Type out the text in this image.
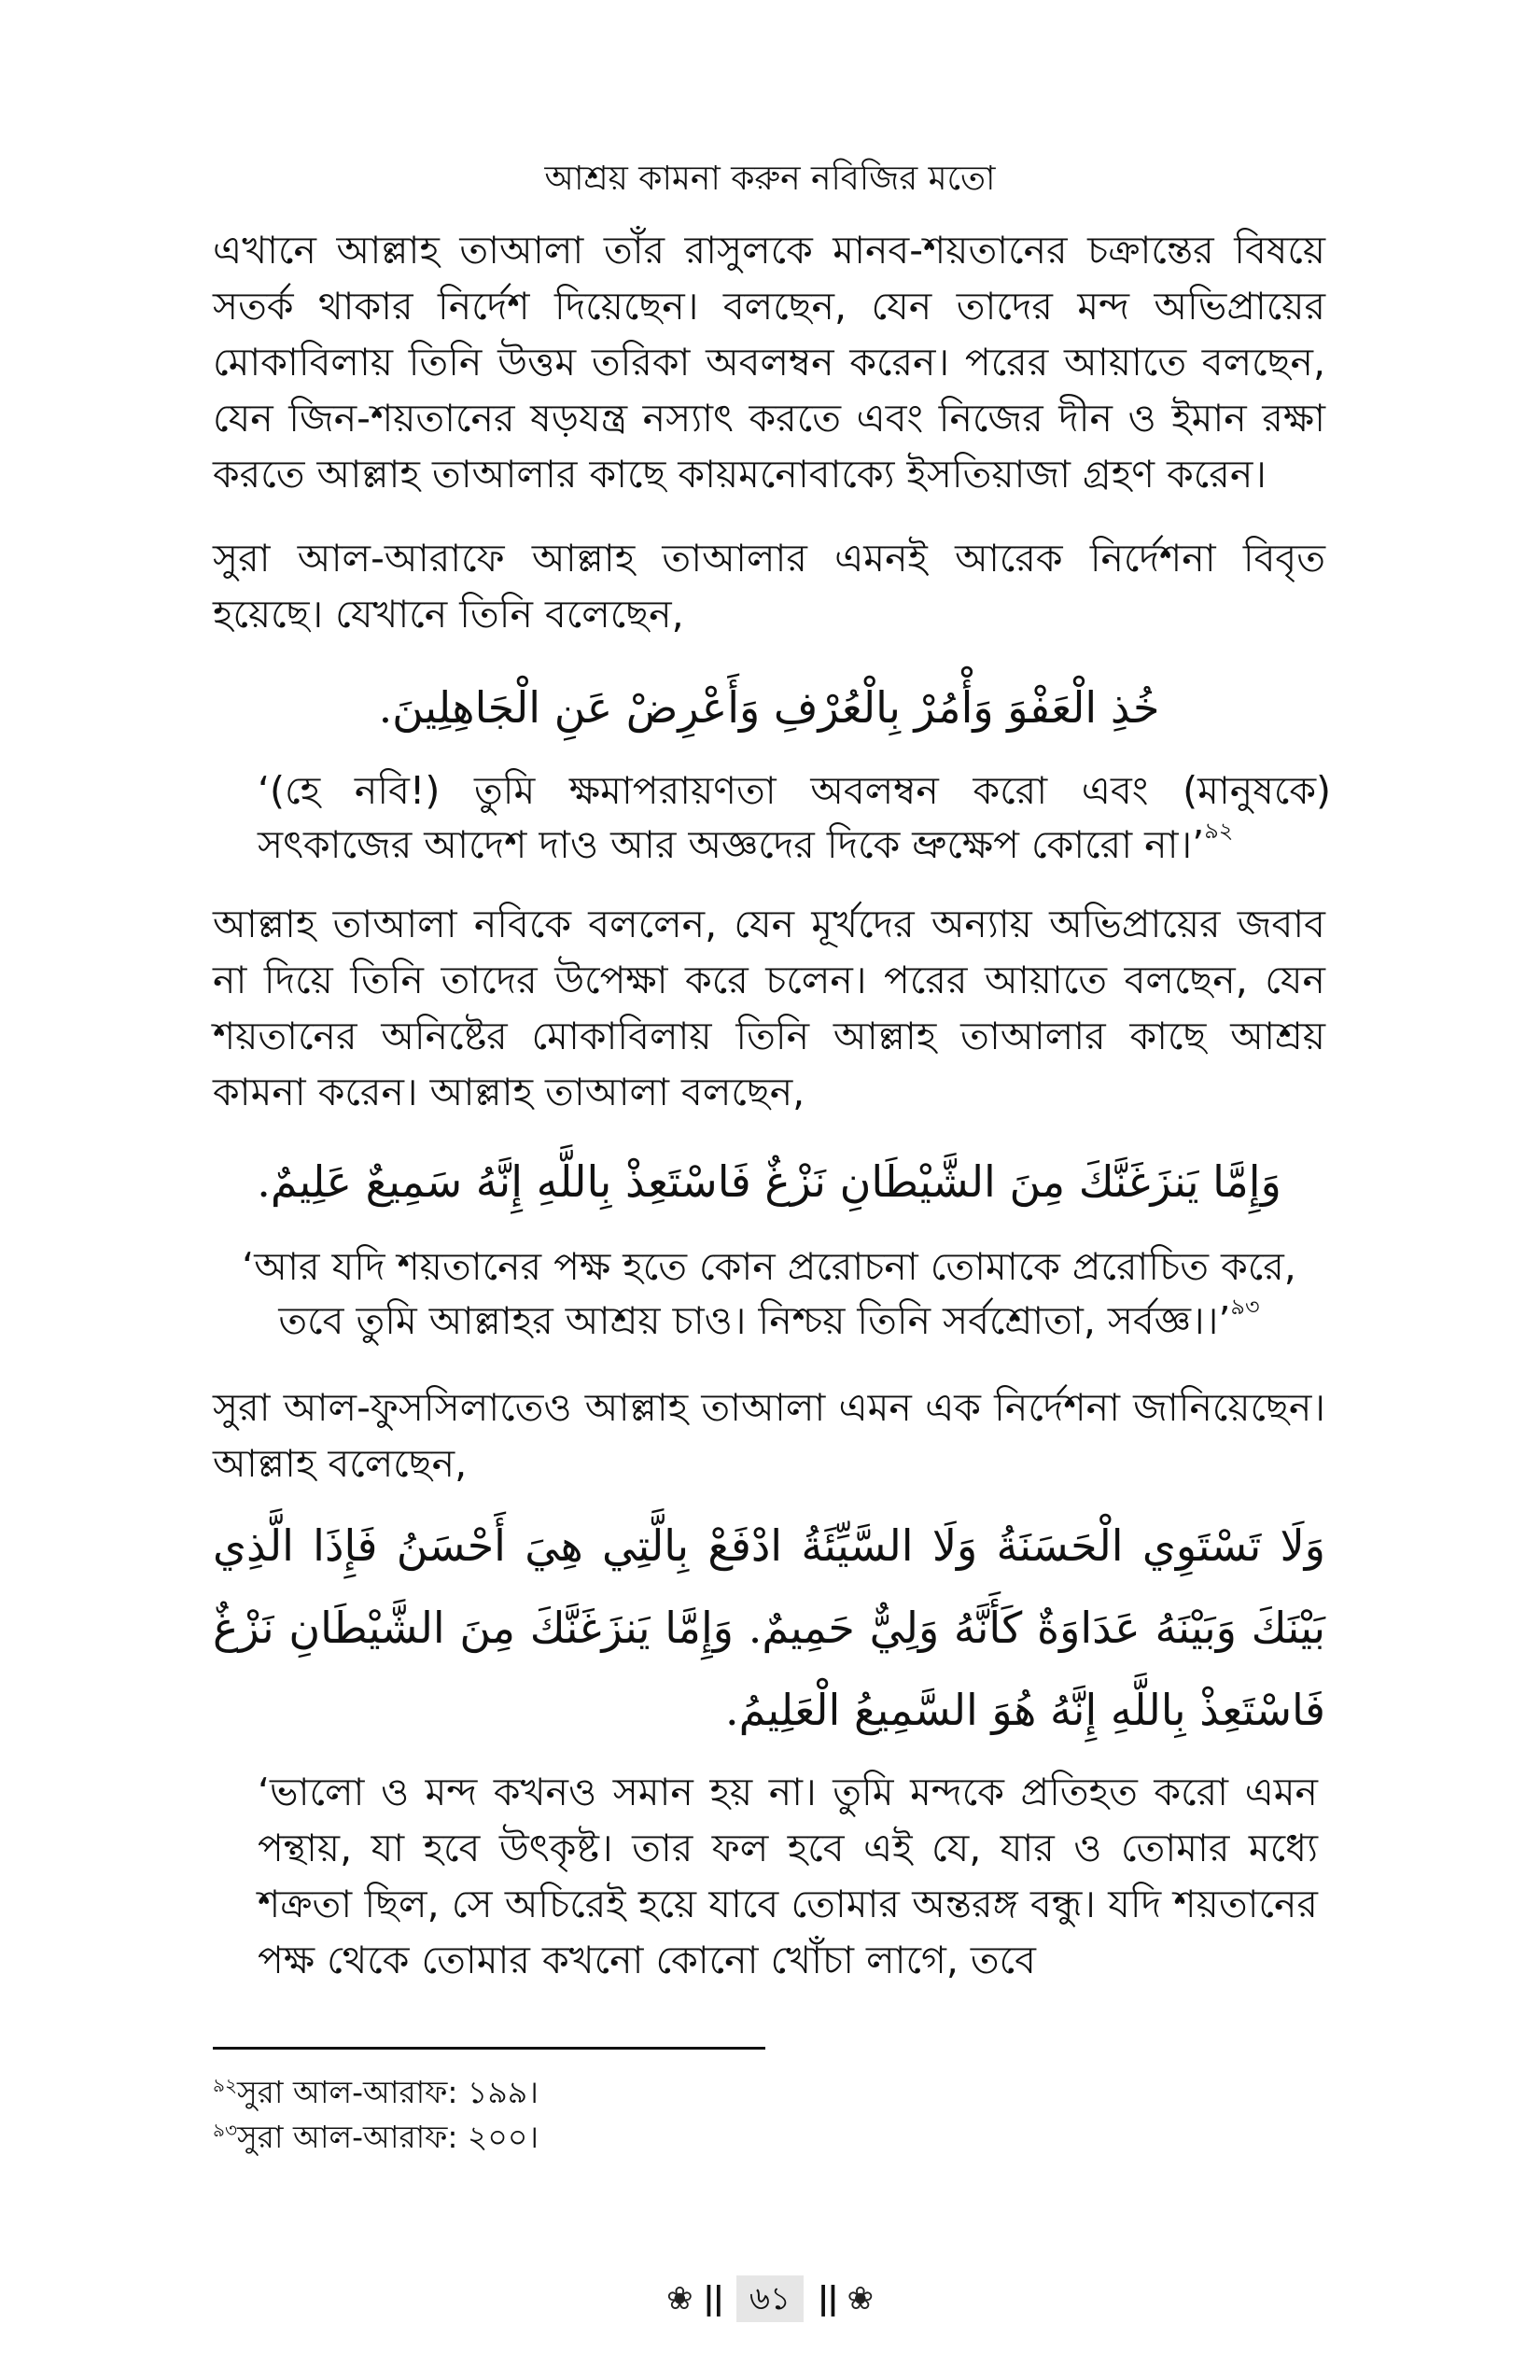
আশ্রয় কামনা করুন নবিজির মতো

এখানে আল্লাহ তাআলা তাঁর রাসুলকে মানব-শয়তানের চক্রান্তের বিষয়ে সতর্ক থাকার নির্দেশ দিয়েছেন। বলছেন, যেন তাদের মন্দ অভিপ্রায়ের মোকাবিলায় তিনি উত্তম তরিকা অবলম্বন করেন। পরের আয়াতে বলছেন, যেন জিন-শয়তানের ষড়যন্ত্র নস্যাৎ করতে এবং নিজের দীন ও ইমান রক্ষা করতে আল্লাহ তাআলার কাছে কায়মনোবাক্যে ইসতিয়াজা গ্রহণ করেন।

সুরা আল-আরাফে আল্লাহ তাআলার এমনই আরেক নির্দেশনা বিবৃত হয়েছে। যেখানে তিনি বলেছেন,

خُذِ الْعَفْوَ وَأْمُرْ بِالْعُرْفِ وَأَعْرِضْ عَنِ الْجَاهِلِينَ.

‘(হে নবি!) তুমি ক্ষমাপরায়ণতা অবলম্বন করো এবং (মানুষকে) সৎকাজের আদেশ দাও আর অজ্ঞদের দিকে ভ্রুক্ষেপ কোরো না।’$^{৯২}$

আল্লাহ তাআলা নবিকে বললেন, যেন মূর্খদের অন্যায় অভিপ্রায়ের জবাব না দিয়ে তিনি তাদের উপেক্ষা করে চলেন। পরের আয়াতে বলছেন, যেন শয়তানের অনিষ্টের মোকাবিলায় তিনি আল্লাহ তাআলার কাছে আশ্রয় কামনা করেন। আল্লাহ তাআলা বলছেন,

وَإِمَّا يَنزَغَنَّكَ مِنَ الشَّيْطَانِ نَزْغٌ فَاسْتَعِذْ بِاللَّهِ إِنَّهُ سَمِيعٌ عَلِيمٌ.

‘আর যদি শয়তানের পক্ষ হতে কোন প্ররোচনা তোমাকে প্ররোচিত করে,
তবে তুমি আল্লাহর আশ্রয় চাও। নিশ্চয় তিনি সর্বশ্রোতা, সর্বজ্ঞ।।’$^{৯৩}$

সুরা আল-ফুসসিলাতেও আল্লাহ তাআলা এমন এক নির্দেশনা জানিয়েছেন। আল্লাহ বলেছেন,

وَلَا تَسْتَوِي الْحَسَنَةُ وَلَا السَّيِّئَةُ ادْفَعْ بِالَّتِي هِيَ أَحْسَنُ فَإِذَا الَّذِي بَيْنَكَ وَبَيْنَهُ عَدَاوَةٌ كَأَنَّهُ وَلِيٌّ حَمِيمٌ. وَإِمَّا يَنزَغَنَّكَ مِنَ الشَّيْطَانِ نَزْغٌ فَاسْتَعِذْ بِاللَّهِ إِنَّهُ هُوَ السَّمِيعُ الْعَلِيمُ.

‘ভালো ও মন্দ কখনও সমান হয় না। তুমি মন্দকে প্রতিহত করো এমন পন্থায়, যা হবে উৎকৃষ্ট। তার ফল হবে এই যে, যার ও তোমার মধ্যে শক্রতা ছিল, সে অচিরেই হয়ে যাবে তোমার অন্তরঙ্গ বন্ধু। যদি শয়তানের পক্ষ থেকে তোমার কখনো কোনো খোঁচা লাগে, তবে

$^{৯২}$সুরা আল-আরাফ: ১৯৯।
$^{৯৩}$সুরা আল-আরাফ: ২০০।
❀ || ৬১ || ❀
